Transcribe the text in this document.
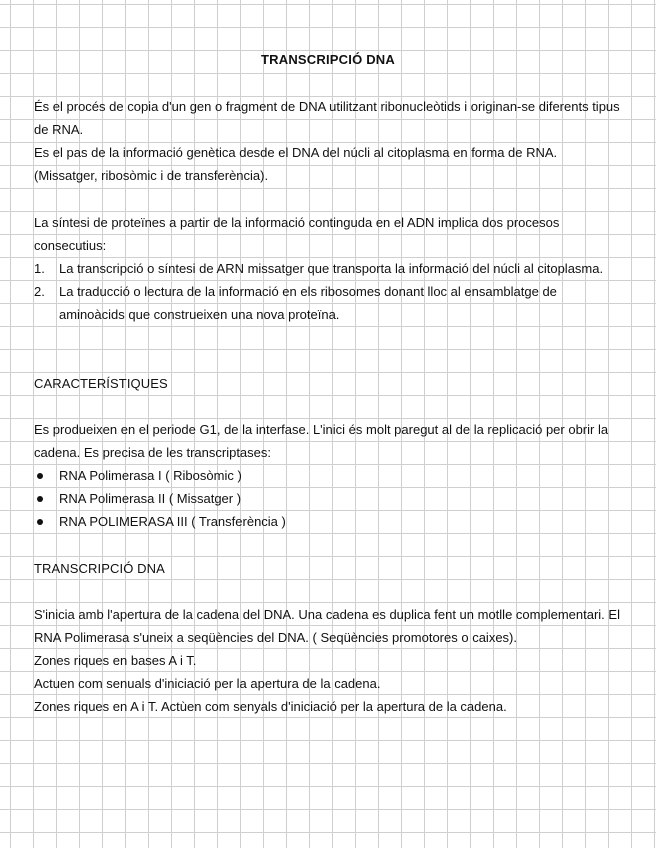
TRANSCRIPCIÓ DNA

És el procés de copia d'un gen o fragment de DNA utilitzant ribonucleòtids i originan-se diferents tipus de RNA.

Es el pas de la informació genètica desde el DNA del núcli al citoplasma en forma de RNA. (Missatger, ribosòmic i de transferència).

La síntesi de proteïnes a partir de la informació continguda en el ADN implica dos procesos consecutius:

1. La transcripció o síntesi de ARN missatger que transporta la informació del núcli al citoplasma.
2. La traducció o lectura de la informació en els ribosomes donant lloc al ensamblatge de aminoàcids que construeixen una nova proteïna.

CARACTERÍSTIQUES

Es produeixen en el periode G1, de la interfase. L'inici és molt paregut al de la replicació per obrir la cadena. Es precisa de les transcriptases:

RNA Polimerasa I ( Ribosòmic )
RNA Polimerasa II ( Missatger )
RNA POLIMERASA III ( Transferència )

TRANSCRIPCIÓ DNA

S'inicia amb l'apertura de la cadena del DNA. Una cadena es duplica fent un motlle complementari. El RNA Polimerasa s'uneix a seqüències del DNA. ( Seqüències promotores o caixes).

Zones riques en bases A i T.

Actuen com senuals d'iniciació per la apertura de la cadena.

Zones riques en A i T. Actùen com senyals d'iniciació per la apertura de la cadena.
